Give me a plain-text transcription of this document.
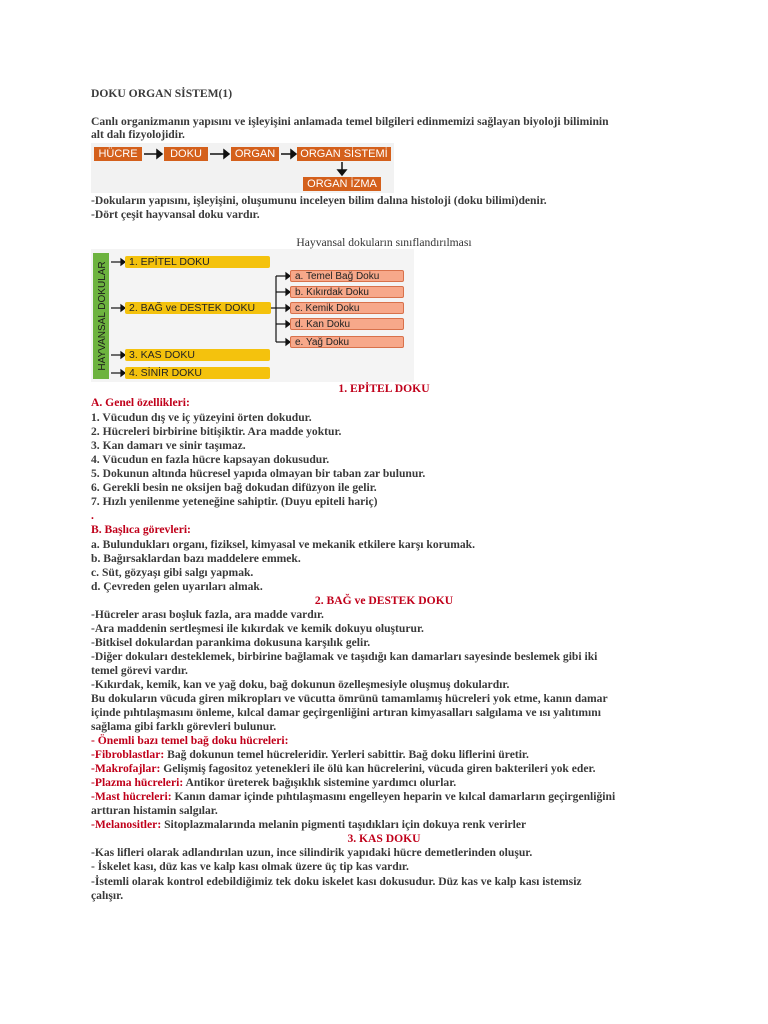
DOKU ORGAN SİSTEM(1)
Canlı organizmanın yapısını ve işleyişini anlamada temel bilgileri edinmemizi sağlayan biyoloji biliminin
alt dalı fizyolojidir.
HÜCRE	DOKU	ORGAN	ORGAN SİSTEMİ
ORGAN İZMA
-Dokuların yapısını, işleyişini, oluşumunu inceleyen bilim dalına histoloji (doku bilimi)denir.
-Dört çeşit hayvansal doku vardır.
Hayvansal dokuların sınıflandırılması
HAYVANSAL DOKULAR	1. EPİTEL DOKU
2. BAĞ ve DESTEK DOKU
3. KAS DOKU
4. SİNİR DOKU
a. Temel Bağ Doku
b. Kıkırdak Doku
c. Kemik Doku
d. Kan Doku
e. Yağ Doku
1. EPİTEL DOKU
A. Genel özellikleri:
1. Vücudun dış ve iç yüzeyini örten dokudur.
2. Hücreleri birbirine bitişiktir. Ara madde yoktur.
3. Kan damarı ve sinir taşımaz.
4. Vücudun en fazla hücre kapsayan dokusudur.
5. Dokunun altında hücresel yapıda olmayan bir taban zar bulunur.
6. Gerekli besin ne oksijen bağ dokudan difüzyon ile gelir.
7. Hızlı yenilenme yeteneğine sahiptir. (Duyu epiteli hariç)
.
B. Başlıca görevleri:
a. Bulundukları organı, fiziksel, kimyasal ve mekanik etkilere karşı korumak.
b. Bağırsaklardan bazı maddelere emmek.
c. Süt, gözyaşı gibi salgı yapmak.
d. Çevreden gelen uyarıları almak.
2. BAĞ ve DESTEK DOKU
-Hücreler arası boşluk fazla, ara madde vardır.
-Ara maddenin sertleşmesi ile kıkırdak ve kemik dokuyu oluşturur.
-Bitkisel dokulardan parankima dokusuna karşılık gelir.
-Diğer dokuları desteklemek, birbirine bağlamak ve taşıdığı kan damarları sayesinde beslemek gibi iki
temel görevi vardır.
-Kıkırdak, kemik, kan ve yağ doku, bağ dokunun özelleşmesiyle oluşmuş dokulardır.
Bu dokuların vücuda giren mikropları ve vücutta ömrünü tamamlamış hücreleri yok etme, kanın damar
içinde pıhtılaşmasını önleme, kılcal damar geçirgenliğini artıran kimyasalları salgılama ve ısı yalıtımını
sağlama gibi farklı görevleri bulunur.
- Önemli bazı temel bağ doku hücreleri:
-Fibroblastlar: Bağ dokunun temel hücreleridir. Yerleri sabittir. Bağ doku liflerini üretir.
-Makrofajlar: Gelişmiş fagositoz yetenekleri ile ölü kan hücrelerini, vücuda giren bakterileri yok eder.
-Plazma hücreleri: Antikor üreterek bağışıklık sistemine yardımcı olurlar.
-Mast hücreleri: Kanın damar içinde pıhtılaşmasını engelleyen heparin ve kılcal damarların geçirgenliğini
arttıran histamin salgılar.
-Melanositler: Sitoplazmalarında melanin pigmenti taşıdıkları için dokuya renk verirler
3. KAS DOKU
-Kas lifleri olarak adlandırılan uzun, ince silindirik yapıdaki hücre demetlerinden oluşur.
- İskelet kası, düz kas ve kalp kası olmak üzere üç tip kas vardır.
-İstemli olarak kontrol edebildiğimiz tek doku iskelet kası dokusudur. Düz kas ve kalp kası istemsiz
çalışır.
